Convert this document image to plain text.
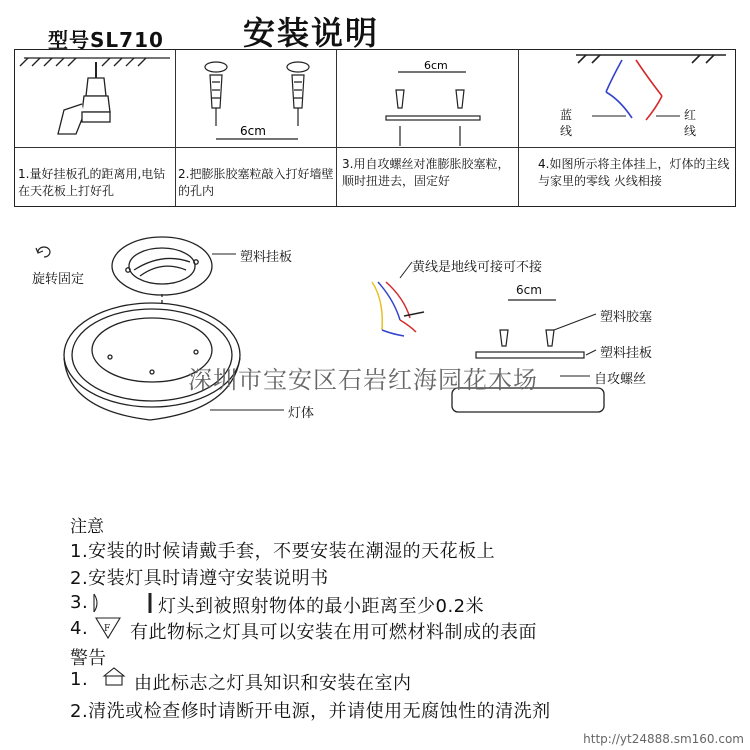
型号SL710 安装说明
1.量好挂板孔的距离用,电钻在天花板上打好孔
2.把膨胀胶塞粒敲入打好墙壁的孔内
3.用自攻螺丝对准膨胀胶塞粒，顺时扭进去，固定好
4.如图所示将主体挂上，灯体的主线与家里的零线 火线相接
6cm
6cm
F
蓝线
红线
旋转固定
塑料挂板
灯体
黄线是地线可接可不接
6cm
塑料胶塞
塑料挂板
自攻螺丝
深圳市宝安区石岩红海园花木场
注意
1.安装的时候请戴手套，不要安装在潮湿的天花板上
2.安装灯具时请遵守安装说明书
3.	灯头到被照射物体的最小距离至少0.2米
4. 有此物标之灯具可以安装在用可燃材料制成的表面
警告
1.	由此标志之灯具知识和安装在室内
2.清洗或检查修时请断开电源，并请使用无腐蚀性的清洗剂
http://yt24888.sm160.com
